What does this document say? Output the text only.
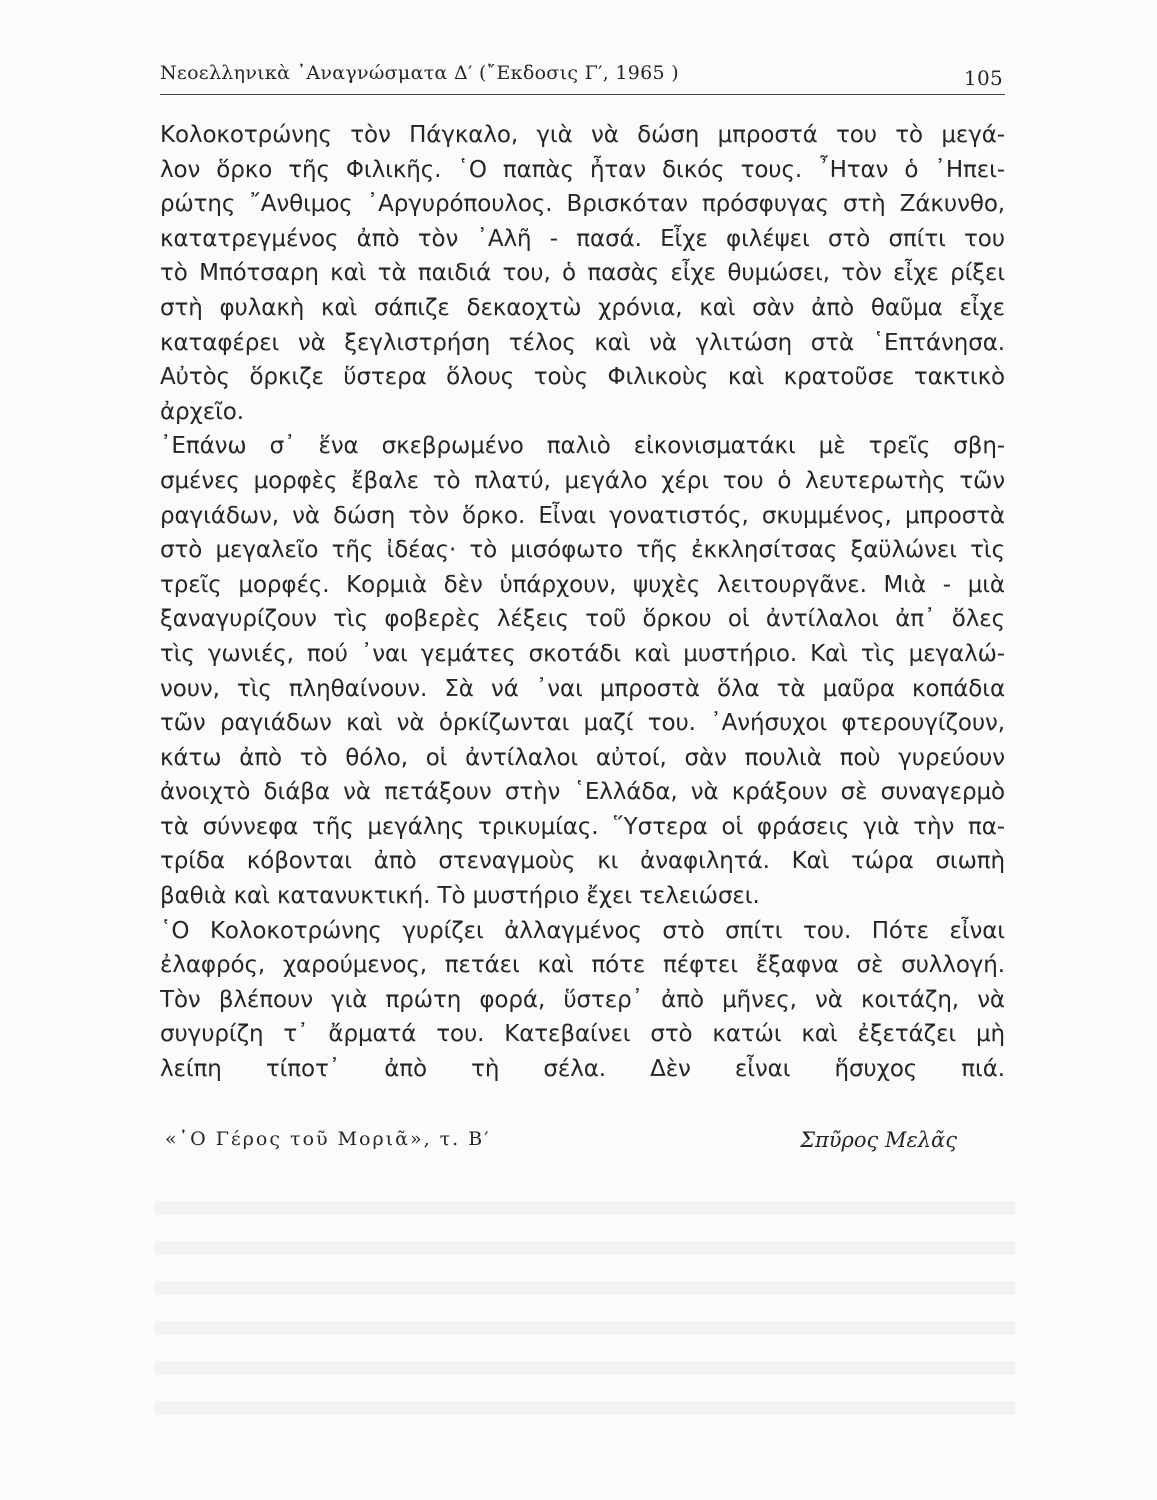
Νεοελληνικὰ ᾿Αναγνώσματα Δ′ (῎Εκδοσις Γ′, 1965 )	105
Κολοκοτρώνης τὸν Πάγκαλο, γιὰ νὰ δώση μπροστά του τὸ μεγά-
λον ὅρκο τῆς Φιλικῆς. ῾Ο παπὰς ἦταν δικός τους. ῏Ηταν ὁ ᾿Ηπει-
ρώτης ῎Ανθιμος ᾿Αργυρόπουλος. Βρισκόταν πρόσφυγας στὴ Ζάκυνθο,
κατατρεγμένος ἀπὸ τὸν ᾿Αλῆ - πασά. Εἶχε φιλέψει στὸ σπίτι του
τὸ Μπότσαρη καὶ τὰ παιδιά του, ὁ πασὰς εἶχε θυμώσει, τὸν εἶχε ρίξει
στὴ φυλακὴ καὶ σάπιζε δεκαοχτὼ χρόνια, καὶ σὰν ἀπὸ θαῦμα εἶχε
καταφέρει νὰ ξεγλιστρήση τέλος καὶ νὰ γλιτώση στὰ ῾Επτάνησα.
Αὐτὸς ὅρκιζε ὕστερα ὅλους τοὺς Φιλικοὺς καὶ κρατοῦσε τακτικὸ
ἀρχεῖο.
᾿Επάνω σ᾿ ἕνα σκεβρωμένο παλιὸ εἰκονισματάκι μὲ τρεῖς σβη-
σμένες μορφὲς ἔβαλε τὸ πλατύ, μεγάλο χέρι του ὁ λευτερωτὴς τῶν
ραγιάδων, νὰ δώση τὸν ὅρκο. Εἶναι γονατιστός, σκυμμένος, μπροστὰ
στὸ μεγαλεῖο τῆς ἰδέας· τὸ μισόφωτο τῆς ἐκκλησίτσας ξαϋλώνει τὶς
τρεῖς μορφές. Κορμιὰ δὲν ὑπάρχουν, ψυχὲς λειτουργᾶνε. Μιὰ - μιὰ
ξαναγυρίζουν τὶς φοβερὲς λέξεις τοῦ ὅρκου οἱ ἀντίλαλοι ἀπ᾿ ὅλες
τὶς γωνιές, πού ᾿ναι γεμάτες σκοτάδι καὶ μυστήριο. Καὶ τὶς μεγαλώ-
νουν, τὶς πληθαίνουν. Σὰ νά ᾿ναι μπροστὰ ὅλα τὰ μαῦρα κοπάδια
τῶν ραγιάδων καὶ νὰ ὁρκίζωνται μαζί του. ᾿Ανήσυχοι φτερουγίζουν,
κάτω ἀπὸ τὸ θόλο, οἱ ἀντίλαλοι αὐτοί, σὰν πουλιὰ ποὺ γυρεύουν
ἀνοιχτὸ διάβα νὰ πετάξουν στὴν ῾Ελλάδα, νὰ κράξουν σὲ συναγερμὸ
τὰ σύννεφα τῆς μεγάλης τρικυμίας. ῞Υστερα οἱ φράσεις γιὰ τὴν πα-
τρίδα κόβονται ἀπὸ στεναγμοὺς κι ἀναφιλητά. Καὶ τώρα σιωπὴ
βαθιὰ καὶ κατανυκτική. Τὸ μυστήριο ἔχει τελειώσει.
῾Ο Κολοκοτρώνης γυρίζει ἀλλαγμένος στὸ σπίτι του. Πότε εἶναι
ἐλαφρός, χαρούμενος, πετάει καὶ πότε πέφτει ἔξαφνα σὲ συλλογή.
Τὸν βλέπουν γιὰ πρώτη φορά, ὕστερ᾿ ἀπὸ μῆνες, νὰ κοιτάζη, νὰ
συγυρίζη τ᾿ ἄρματά του. Κατεβαίνει στὸ κατώι καὶ ἐξετάζει μὴ
λείπη τίποτ᾿ ἀπὸ τὴ σέλα. Δὲν εἶναι ἥσυχος πιά.
«῾Ο Γέρος τοῦ Μοριᾶ», τ. Β′	Σπῦρος Μελᾶς
